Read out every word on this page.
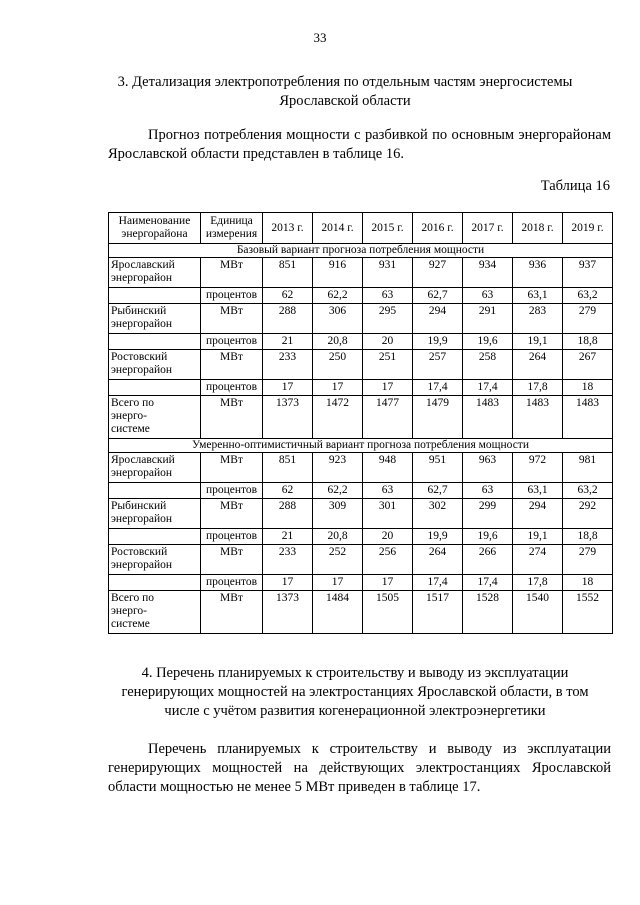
33
3. Детализация электропотребления по отдельным частям энергосистемы
Ярославской области
Прогноз потребления мощности с разбивкой по основным энергорайонам Ярославской области представлен в таблице 16.
Таблица 16
Наименование энергорайона	Единица измерения	2013 г.	2014 г.	2015 г.	2016 г.	2017 г.	2018 г.	2019 г.
Базовый вариант прогноза потребления мощности								
Ярославский энергорайон	МВт	851	916	931	927	934	936	937
	процентов	62	62,2	63	62,7	63	63,1	63,2
Рыбинский энергорайон	МВт	288	306	295	294	291	283	279
	процентов	21	20,8	20	19,9	19,6	19,1	18,8
Ростовский энергорайон	МВт	233	250	251	257	258	264	267
	процентов	17	17	17	17,4	17,4	17,8	18

Всего по
энерго-
системе	МВт	1373	1472	1477	1479	1483	1483	1483
Умеренно-оптимистичный вариант прогноза потребления мощности								
Ярославский энергорайон	МВт	851	923	948	951	963	972	981
	процентов	62	62,2	63	62,7	63	63,1	63,2
Рыбинский энергорайон	МВт	288	309	301	302	299	294	292
	процентов	21	20,8	20	19,9	19,6	19,1	18,8
Ростовский энергорайон	МВт	233	252	256	264	266	274	279
	процентов	17	17	17	17,4	17,4	17,8	18

Всего по
энерго-
системе	МВт	1373	1484	1505	1517	1528	1540	1552
4. Перечень планируемых к строительству и выводу из эксплуатации генерирующих мощностей на электростанциях Ярославской области, в том числе с учётом развития когенерационной электроэнергетики
Перечень планируемых к строительству и выводу из эксплуатации генерирующих мощностей на действующих электростанциях Ярославской области мощностью не менее 5 МВт приведен в таблице 17.
